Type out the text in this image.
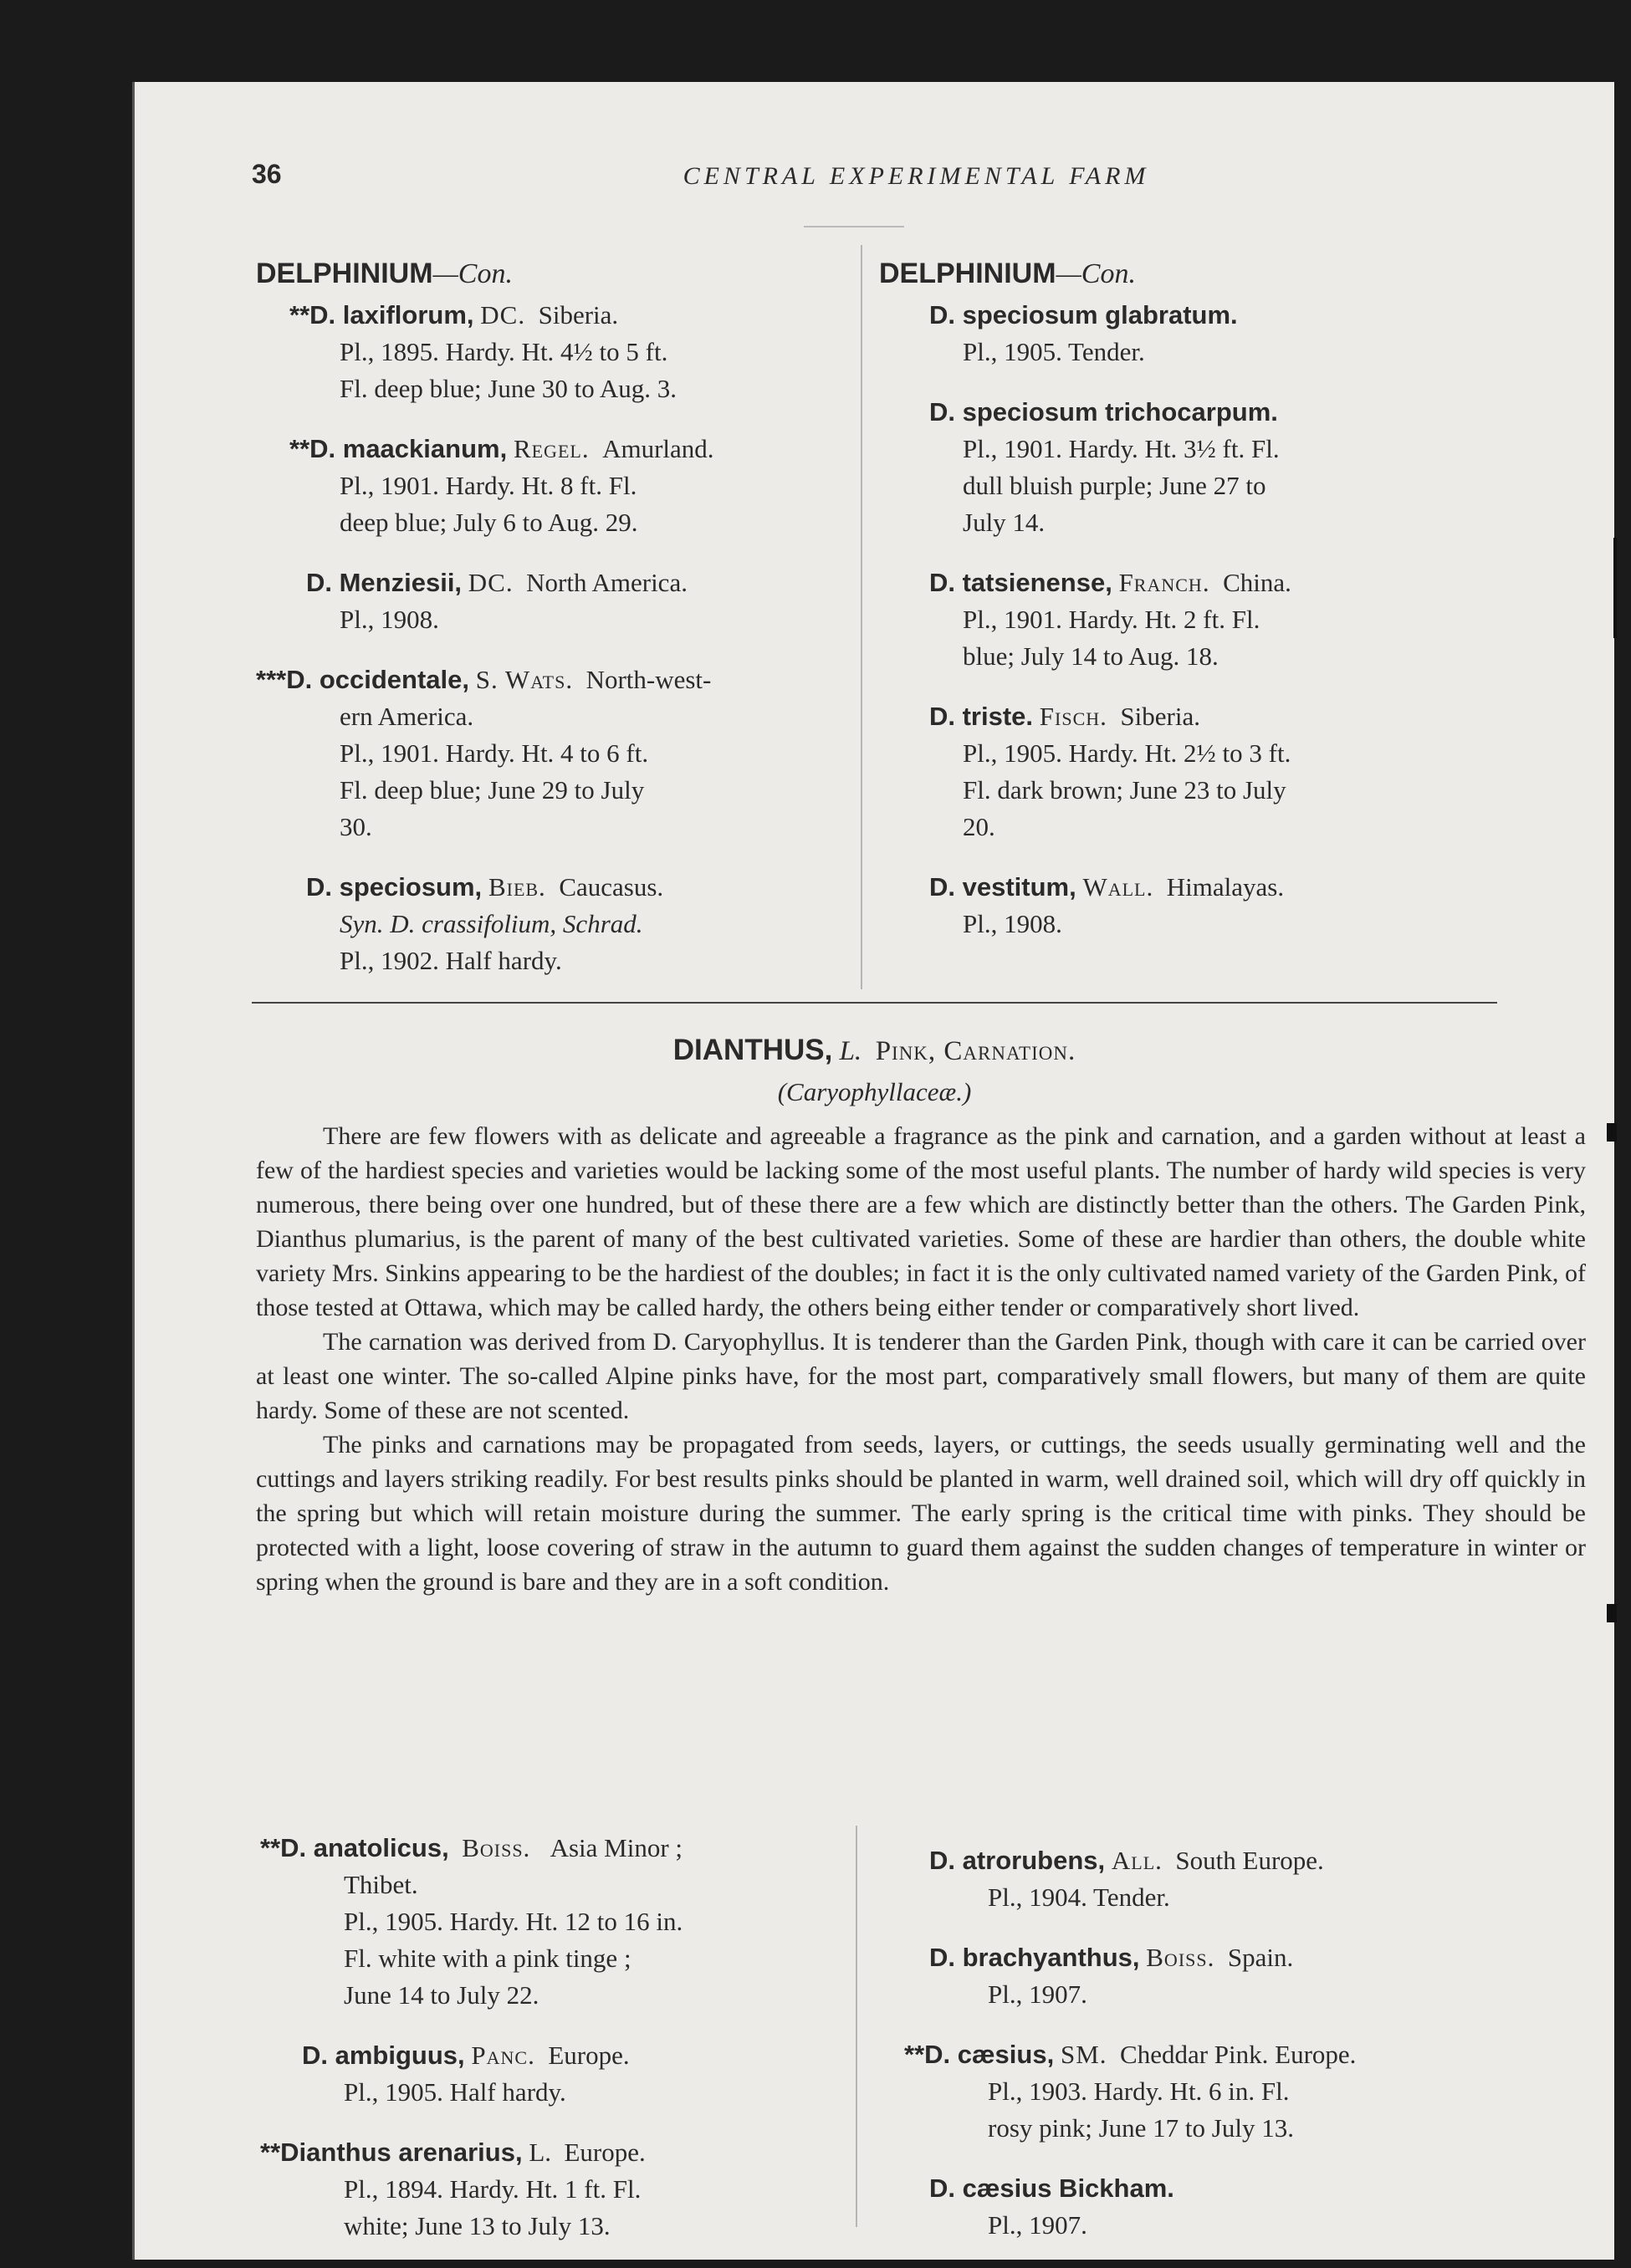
36	CENTRAL EXPERIMENTAL FARM
DELPHINIUM—Con.
**D. laxiflorum, DC. Siberia.
Pl., 1895. Hardy. Ht. 4½ to 5 ft.
Fl. deep blue; June 30 to Aug. 3.
**D. maackianum, Regel. Amurland.
Pl., 1901. Hardy. Ht. 8 ft. Fl.
deep blue; July 6 to Aug. 29.
D. Menziesii, DC. North America.
Pl., 1908.
***D. occidentale, S. Wats. North-west-
ern America.
Pl., 1901. Hardy. Ht. 4 to 6 ft.
Fl. deep blue; June 29 to July
30.
D. speciosum, Bieb. Caucasus.
Syn. D. crassifolium, Schrad.
Pl., 1902. Half hardy.
DELPHINIUM—Con.
D. speciosum glabratum.
Pl., 1905. Tender.
D. speciosum trichocarpum.
Pl., 1901. Hardy. Ht. 3½ ft. Fl.
dull bluish purple; June 27 to
July 14.
D. tatsienense, Franch. China.
Pl., 1901. Hardy. Ht. 2 ft. Fl.
blue; July 14 to Aug. 18.
D. triste. Fisch. Siberia.
Pl., 1905. Hardy. Ht. 2½ to 3 ft.
Fl. dark brown; June 23 to July
20.
D. vestitum, Wall. Himalayas.
Pl., 1908.
DIANTHUS, L. Pink, Carnation.
(Caryophyllaceæ.)

There are few flowers with as delicate and agreeable a fragrance as the pink and carnation, and a garden without at least a few of the hardiest species and varieties would be lacking some of the most useful plants. The number of hardy wild species is very numerous, there being over one hundred, but of these there are a few which are distinctly better than the others. The Garden Pink, Dianthus plumarius, is the parent of many of the best cultivated varieties. Some of these are hardier than others, the double white variety Mrs. Sinkins appearing to be the hardiest of the doubles; in fact it is the only cultivated named variety of the Garden Pink, of those tested at Ottawa, which may be called hardy, the others being either tender or comparatively short lived.

The carnation was derived from D. Caryophyllus. It is tenderer than the Garden Pink, though with care it can be carried over at least one winter. The so-called Alpine pinks have, for the most part, comparatively small flowers, but many of them are quite hardy. Some of these are not scented.

The pinks and carnations may be propagated from seeds, layers, or cuttings, the seeds usually germinating well and the cuttings and layers striking readily. For best results pinks should be planted in warm, well drained soil, which will dry off quickly in the spring but which will retain moisture during the summer. The early spring is the critical time with pinks. They should be protected with a light, loose covering of straw in the autumn to guard them against the sudden changes of temperature in winter or spring when the ground is bare and they are in a soft condition.

**D. anatolicus, Boiss. Asia Minor ;
Thibet.
Pl., 1905. Hardy. Ht. 12 to 16 in.
Fl. white with a pink tinge ;
June 14 to July 22.
D. ambiguus, Panc. Europe.
Pl., 1905. Half hardy.
**Dianthus arenarius, L. Europe.
Pl., 1894. Hardy. Ht. 1 ft. Fl.
white; June 13 to July 13.
D. atrorubens, All. South Europe.
Pl., 1904. Tender.
D. brachyanthus, Boiss. Spain.
Pl., 1907.
**D. cæsius, SM. Cheddar Pink. Europe.
Pl., 1903. Hardy. Ht. 6 in. Fl.
rosy pink; June 17 to July 13.
D. cæsius Bickham.
Pl., 1907.
